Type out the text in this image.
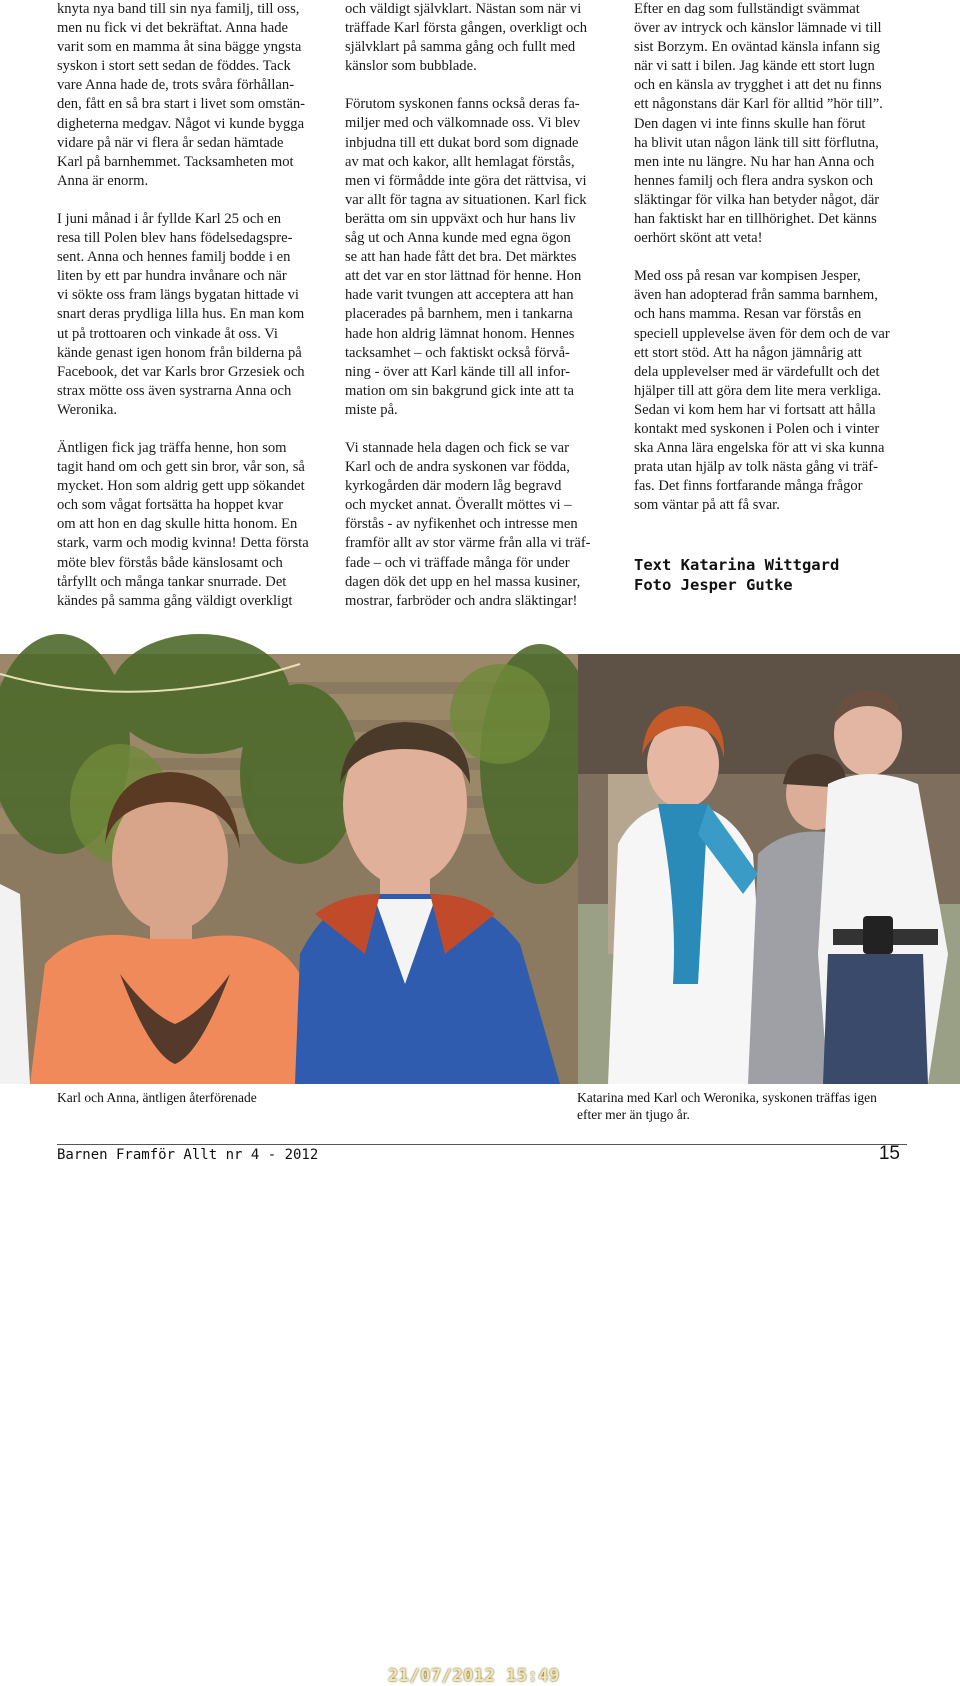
knyta nya band till sin nya familj, till oss,
men nu fick vi det bekräftat. Anna hade
varit som en mamma åt sina bägge yngsta
syskon i stort sett sedan de föddes. Tack
vare Anna hade de, trots svåra förhållan-
den, fått en så bra start i livet som omstän-
digheterna medgav. Något vi kunde bygga
vidare på när vi flera år sedan hämtade
Karl på barnhemmet. Tacksamheten mot
Anna är enorm.

I juni månad i år fyllde Karl 25 och en
resa till Polen blev hans födelsedagspre-
sent. Anna och hennes familj bodde i en
liten by ett par hundra invånare och när
vi sökte oss fram längs bygatan hittade vi
snart deras prydliga lilla hus. En man kom
ut på trottoaren och vinkade åt oss. Vi
kände genast igen honom från bilderna på
Facebook, det var Karls bror Grzesiek och
strax mötte oss även systrarna Anna och
Weronika.

Äntligen fick jag träffa henne, hon som
tagit hand om och gett sin bror, vår son, så
mycket. Hon som aldrig gett upp sökandet
och som vågat fortsätta ha hoppet kvar
om att hon en dag skulle hitta honom. En
stark, varm och modig kvinna! Detta första
möte blev förstås både känslosamt och
tårfyllt och många tankar snurrade. Det
kändes på samma gång väldigt overkligt

och väldigt självklart. Nästan som när vi
träffade Karl första gången, overkligt och
självklart på samma gång och fullt med
känslor som bubblade.

Förutom syskonen fanns också deras fa-
miljer med och välkomnade oss. Vi blev
inbjudna till ett dukat bord som dignade
av mat och kakor, allt hemlagat förstås,
men vi förmådde inte göra det rättvisa, vi
var allt för tagna av situationen. Karl fick
berätta om sin uppväxt och hur hans liv
såg ut och Anna kunde med egna ögon
se att han hade fått det bra. Det märktes
att det var en stor lättnad för henne. Hon
hade varit tvungen att acceptera att han
placerades på barnhem, men i tankarna
hade hon aldrig lämnat honom. Hennes
tacksamhet – och faktiskt också förvå-
ning - över att Karl kände till all infor-
mation om sin bakgrund gick inte att ta
miste på.

Vi stannade hela dagen och fick se var
Karl och de andra syskonen var födda,
kyrkogården där modern låg begravd
och mycket annat. Överallt möttes vi –
förstås - av nyfikenhet och intresse men
framför allt av stor värme från alla vi träf-
fade – och vi träffade många för under
dagen dök det upp en hel massa kusiner,
mostrar, farbröder och andra släktingar!

Efter en dag som fullständigt svämmat
över av intryck och känslor lämnade vi till
sist Borzym. En oväntad känsla infann sig
när vi satt i bilen. Jag kände ett stort lugn
och en känsla av trygghet i att det nu finns
ett någonstans där Karl för alltid ”hör till”.
Den dagen vi inte finns skulle han förut
ha blivit utan någon länk till sitt förflutna,
men inte nu längre. Nu har han Anna och
hennes familj och flera andra syskon och
släktingar för vilka han betyder något, där
han faktiskt har en tillhörighet. Det känns
oerhört skönt att veta!

Med oss på resan var kompisen Jesper,
även han adopterad från samma barnhem,
och hans mamma. Resan var förstås en
speciell upplevelse även för dem och de var
ett stort stöd. Att ha någon jämnårig att
dela upplevelser med är värdefullt och det
hjälper till att göra dem lite mera verkliga.
Sedan vi kom hem har vi fortsatt att hålla
kontakt med syskonen i Polen och i vinter
ska Anna lära engelska för att vi ska kunna
prata utan hjälp av tolk nästa gång vi träf-
fas. Det finns fortfarande många frågor
som väntar på att få svar.

Text Katarina Wittgard
Foto Jesper Gutke
21/07/2012 15:49
Karl och Anna, äntligen återförenade	Katarina med Karl och Weronika, syskonen träffas igen
efter mer än tjugo år.
Barnen Framför Allt nr 4 - 2012	15
